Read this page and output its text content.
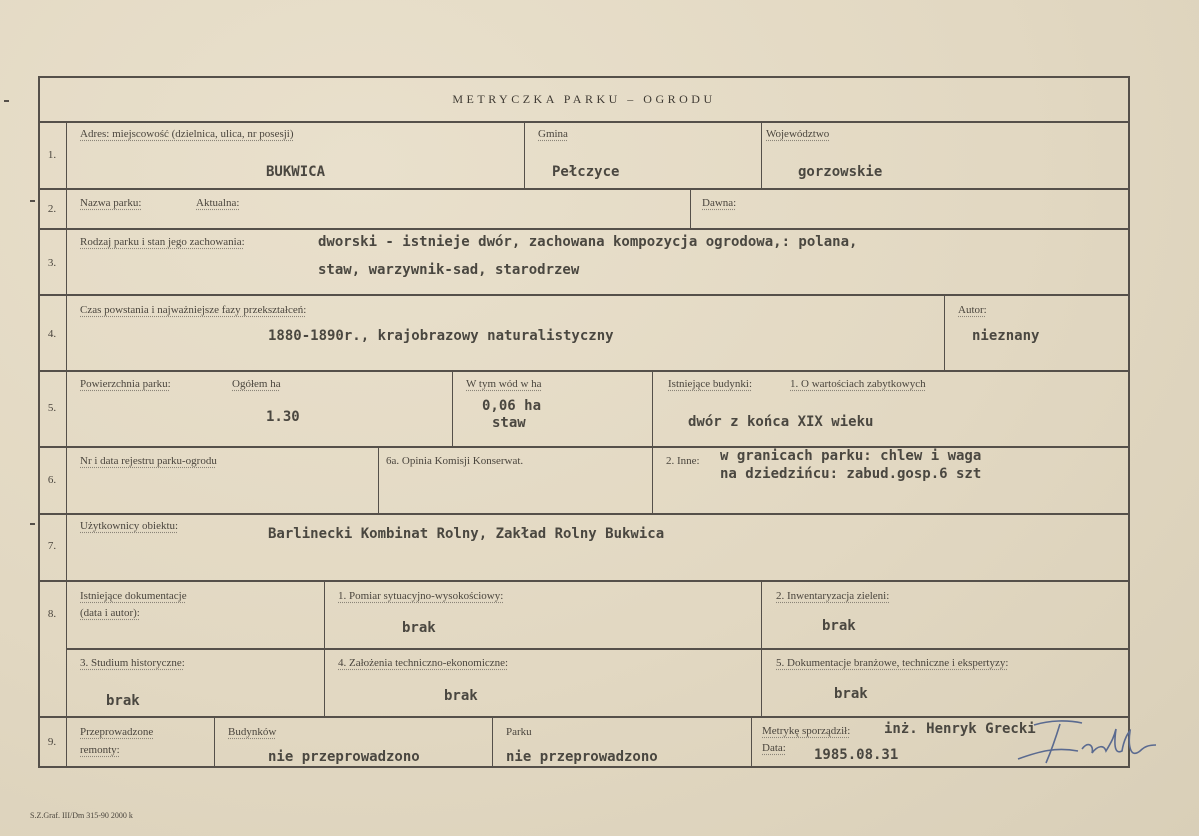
METRYCZKA PARKU – OGRODU
1.
Adres: miejscowość (dzielnica, ulica, nr posesji)
BUKWICA
Gmina
Pełczyce
Województwo
gorzowskie
2.	Nazwa parku:	Aktualna:	Dawna:
3.
Rodzaj parku i stan jego zachowania:	dworski - istnieje dwór, zachowana kompozycja ogrodowa,: polana,
staw, warzywnik-sad, starodrzew
4.
Czas powstania i najważniejsze fazy przekształceń:
1880-1890r., krajobrazowy naturalistyczny
Autor:
nieznany
5.
Powierzchnia parku:	Ogółem ha
1.30
W tym wód w ha
0,06 ha
staw
Istniejące budynki:	1. O wartościach zabytkowych
dwór z końca XIX wieku
6.
Nr i data rejestru parku-ogrodu	6a. Opinia Komisji Konserwat.	2. Inne: w granicach parku: chlew i waga
na dziedzińcu: zabud.gosp.6 szt
7.
Użytkownicy obiektu:	Barlinecki Kombinat Rolny, Zakład Rolny Bukwica
8.
Istniejące dokumentacje
(data i autor):
1. Pomiar sytuacyjno-wysokościowy:
brak
2. Inwentaryzacja zieleni:
brak
3. Studium historyczne:
brak
4. Założenia techniczno-ekonomiczne:
brak
5. Dokumentacje branżowe, techniczne i ekspertyzy:
brak
9.
Przeprowadzone
remonty:
Budynków
nie przeprowadzono
Parku
nie przeprowadzono
Metrykę sporządził: inż. Henryk Grecki
Data: 1985.08.31
S.Z.Graf. III/Dm 315-90 2000 k
